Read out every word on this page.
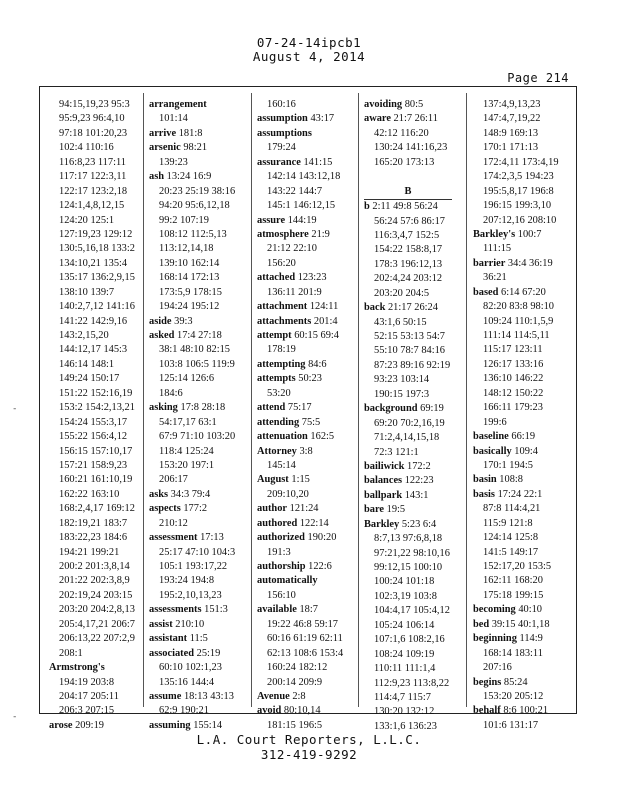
07-24-14ipcb1
August 4, 2014
Page 214
94:15,19,23 95:3
95:9,23 96:4,10
97:18 101:20,23
102:4 110:16
116:8,23 117:11
117:17 122:3,11
122:17 123:2,18
124:1,4,8,12,15
124:20 125:1
127:19,23 129:12
130:5,16,18 133:2
134:10,21 135:4
135:17 136:2,9,15
138:10 139:7
140:2,7,12 141:16
141:22 142:9,16
143:2,15,20
144:12,17 145:3
146:14 148:1
149:24 150:17
151:22 152:16,19
153:2 154:2,13,21
154:24 155:3,17
155:22 156:4,12
156:15 157:10,17
157:21 158:9,23
160:21 161:10,19
162:22 163:10
168:2,4,17 169:12
182:19,21 183:7
183:22,23 184:6
194:21 199:21
200:2 201:3,8,14
201:22 202:3,8,9
202:19,24 203:15
203:20 204:2,8,13
205:4,17,21 206:7
206:13,22 207:2,9
208:1
Armstrong's
194:19 203:8
204:17 205:11
206:3 207:15
arose 209:19
arrangement
101:14
arrive 181:8
arsenic 98:21
139:23
ash 13:24 16:9
20:23 25:19 38:16
94:20 95:6,12,18
99:2 107:19
108:12 112:5,13
113:12,14,18
139:10 162:14
168:14 172:13
173:5,9 178:15
194:24 195:12
aside 39:3
asked 17:4 27:18
38:1 48:10 82:15
103:8 106:5 119:9
125:14 126:6
184:6
asking 17:8 28:18
54:17,17 63:1
67:9 71:10 103:20
118:4 125:24
153:20 197:1
206:17
asks 34:3 79:4
aspects 177:2
210:12
assessment 17:13
25:17 47:10 104:3
105:1 193:17,22
193:24 194:8
195:2,10,13,23
assessments 151:3
assist 210:10
assistant 11:5
associated 25:19
60:10 102:1,23
135:16 144:4
assume 18:13 43:13
62:9 190:21
assuming 155:14
160:16
assumption 43:17
assumptions
179:24
assurance 141:15
142:14 143:12,18
143:22 144:7
145:1 146:12,15
assure 144:19
atmosphere 21:9
21:12 22:10
156:20
attached 123:23
136:11 201:9
attachment 124:11
attachments 201:4
attempt 60:15 69:4
178:19
attempting 84:6
attempts 50:23
53:20
attend 75:17
attending 75:5
attenuation 162:5
Attorney 3:8
145:14
August 1:15
209:10,20
author 121:24
authored 122:14
authorized 190:20
191:3
authorship 122:6
automatically
156:10
available 18:7
19:22 46:8 59:17
60:16 61:19 62:11
62:13 108:6 153:4
160:24 182:12
200:14 209:9
Avenue 2:8
avoid 80:10,14
181:15 196:5
avoiding 80:5
aware 21:7 26:11
42:12 116:20
130:24 141:16,23
165:20 173:13
B
b 2:11 49:8 56:24
56:24 57:6 86:17
116:3,4,7 152:5
154:22 158:8,17
178:3 196:12,13
202:4,24 203:12
203:20 204:5
back 21:17 26:24
43:1,6 50:15
52:15 53:13 54:7
55:10 78:7 84:16
87:23 89:16 92:19
93:23 103:14
190:15 197:3
background 69:19
69:20 70:2,16,19
71:2,4,14,15,18
72:3 121:1
bailiwick 172:2
balances 122:23
ballpark 143:1
bare 19:5
Barkley 5:23 6:4
8:7,13 97:6,8,18
97:21,22 98:10,16
99:12,15 100:10
100:24 101:18
102:3,19 103:8
104:4,17 105:4,12
105:24 106:14
107:1,6 108:2,16
108:24 109:19
110:11 111:1,4
112:9,23 113:8,22
114:4,7 115:7
130:20 132:12
133:1,6 136:23
137:4,9,13,23
147:4,7,19,22
148:9 169:13
170:1 171:13
172:4,11 173:4,19
174:2,3,5 194:23
195:5,8,17 196:8
196:15 199:3,10
207:12,16 208:10
Barkley's 100:7
111:15
barrier 34:4 36:19
36:21
based 6:14 67:20
82:20 83:8 98:10
109:24 110:1,5,9
111:14 114:5,11
115:17 123:11
126:17 133:16
136:10 146:22
148:12 150:22
166:11 179:23
199:6
baseline 66:19
basically 109:4
170:1 194:5
basin 108:8
basis 17:24 22:1
87:8 114:4,21
115:9 121:8
124:14 125:8
141:5 149:17
152:17,20 153:5
162:11 168:20
175:18 199:15
becoming 40:10
bed 39:15 40:1,18
beginning 114:9
168:14 183:11
207:16
begins 85:24
153:20 205:12
behalf 8:6 100:21
101:6 131:17
-
-
L.A. Court Reporters, L.L.C.
312-419-9292
